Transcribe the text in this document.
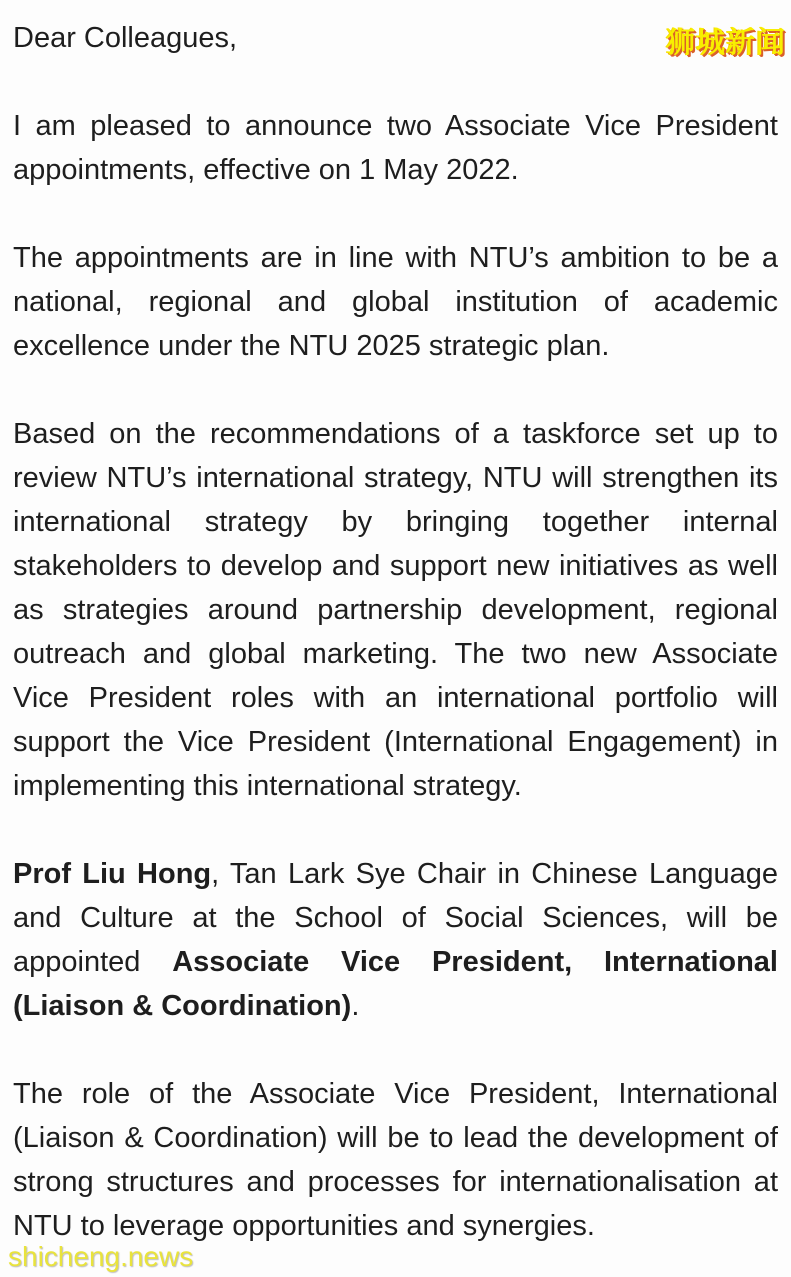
狮城新闻

Dear Colleagues,

I am pleased to announce two Associate Vice President appointments, effective on 1 May 2022.

The appointments are in line with NTU’s ambition to be a national, regional and global institution of academic excellence under the NTU 2025 strategic plan.

Based on the recommendations of a taskforce set up to review NTU’s international strategy, NTU will strengthen its international strategy by bringing together internal stakeholders to develop and support new initiatives as well as strategies around partnership development, regional outreach and global marketing. The two new Associate Vice President roles with an international portfolio will support the Vice President (International Engagement) in implementing this international strategy.

Prof Liu Hong, Tan Lark Sye Chair in Chinese Language and Culture at the School of Social Sciences, will be appointed Associate Vice President, International (Liaison & Coordination).

The role of the Associate Vice President, International (Liaison & Coordination) will be to lead the development of strong structures and processes for internationalisation at NTU to leverage opportunities and synergies.

shicheng.news
